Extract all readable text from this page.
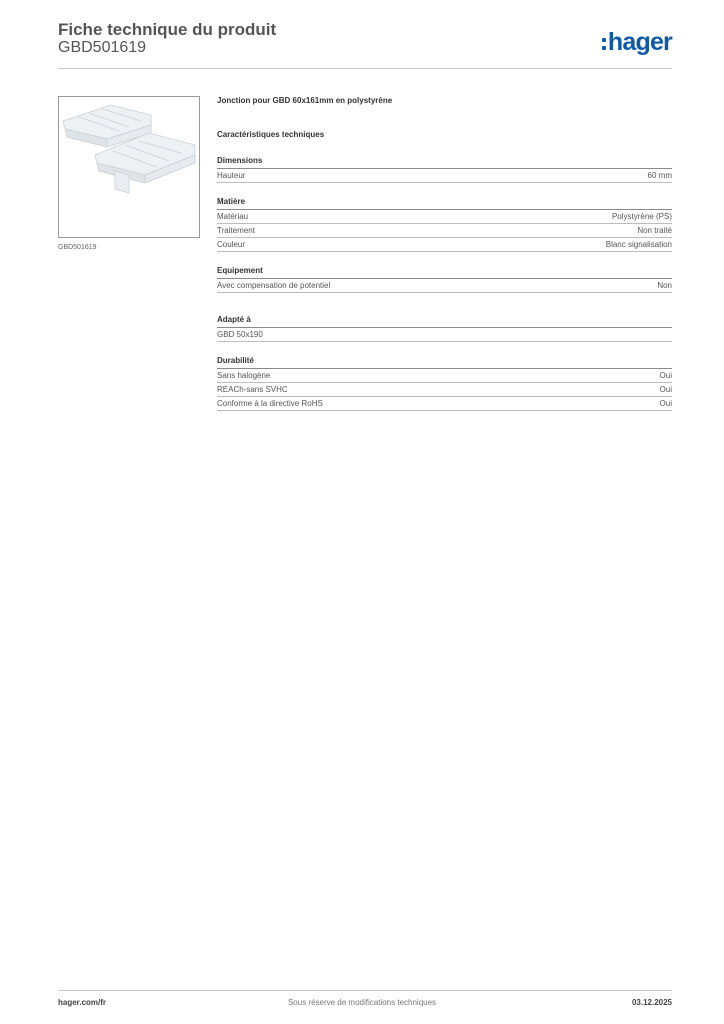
Fiche technique du produit
GBD501619	hager
GBD501619
Jonction pour GBD 60x161mm en polystyrène
Caractéristiques techniques
Dimensions
Hauteur	60 mm
Matière
Matériau	Polystyrène (PS)
Traitement	Non traité
Couleur	Blanc signalisation
Equipement
Avec compensation de potentiel	Non
Adapté à
GBD 50x190
Durabilité
Sans halogène	Oui
REACh-sans SVHC	Oui
Conforme à la directive RoHS	Oui
hager.com/fr	Sous réserve de modifications techniques	03.12.2025
